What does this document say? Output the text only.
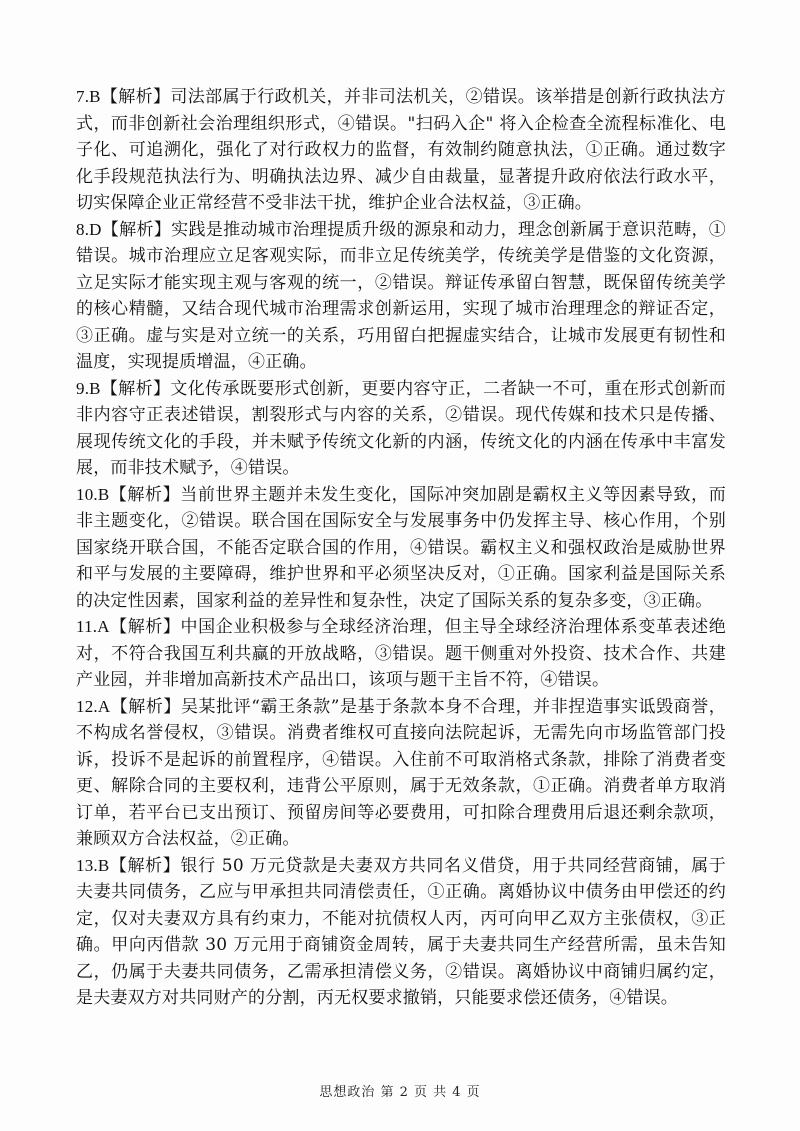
7.B【解析】司法部属于行政机关，并非司法机关，②错误。该举措是创新行政执法方式，而非创新社会治理组织形式，④错误。"扫码入企" 将入企检查全流程标准化、电子化、可追溯化，强化了对行政权力的监督，有效制约随意执法，①正确。通过数字化手段规范执法行为、明确执法边界、减少自由裁量，显著提升政府依法行政水平，切实保障企业正常经营不受非法干扰，维护企业合法权益，③正确。

8.D【解析】实践是推动城市治理提质升级的源泉和动力，理念创新属于意识范畴，①错误。城市治理应立足客观实际，而非立足传统美学，传统美学是借鉴的文化资源，立足实际才能实现主观与客观的统一，②错误。辩证传承留白智慧，既保留传统美学的核心精髓，又结合现代城市治理需求创新运用，实现了城市治理理念的辩证否定，③正确。虚与实是对立统一的关系，巧用留白把握虚实结合，让城市发展更有韧性和温度，实现提质增温，④正确。

9.B【解析】文化传承既要形式创新，更要内容守正，二者缺一不可，重在形式创新而非内容守正表述错误，割裂形式与内容的关系，②错误。现代传媒和技术只是传播、展现传统文化的手段，并未赋予传统文化新的内涵，传统文化的内涵在传承中丰富发展，而非技术赋予，④错误。

10.B【解析】当前世界主题并未发生变化，国际冲突加剧是霸权主义等因素导致，而非主题变化，②错误。联合国在国际安全与发展事务中仍发挥主导、核心作用，个别国家绕开联合国，不能否定联合国的作用，④错误。霸权主义和强权政治是威胁世界和平与发展的主要障碍，维护世界和平必须坚决反对，①正确。国家利益是国际关系的决定性因素，国家利益的差异性和复杂性，决定了国际关系的复杂多变，③正确。

11.A【解析】中国企业积极参与全球经济治理，但主导全球经济治理体系变革表述绝对，不符合我国互利共赢的开放战略，③错误。题干侧重对外投资、技术合作、共建产业园，并非增加高新技术产品出口，该项与题干主旨不符，④错误。

12.A【解析】吴某批评“霸王条款”是基于条款本身不合理，并非捏造事实诋毁商誉，不构成名誉侵权，③错误。消费者维权可直接向法院起诉，无需先向市场监管部门投诉，投诉不是起诉的前置程序，④错误。入住前不可取消格式条款，排除了消费者变更、解除合同的主要权利，违背公平原则，属于无效条款，①正确。消费者单方取消订单，若平台已支出预订、预留房间等必要费用，可扣除合理费用后退还剩余款项，兼顾双方合法权益，②正确。

13.B【解析】银行 50 万元贷款是夫妻双方共同名义借贷，用于共同经营商铺，属于夫妻共同债务，乙应与甲承担共同清偿责任，①正确。离婚协议中债务由甲偿还的约定，仅对夫妻双方具有约束力，不能对抗债权人丙，丙可向甲乙双方主张债权，③正确。甲向丙借款 30 万元用于商铺资金周转，属于夫妻共同生产经营所需，虽未告知乙，仍属于夫妻共同债务，乙需承担清偿义务，②错误。离婚协议中商铺归属约定，是夫妻双方对共同财产的分割，丙无权要求撤销，只能要求偿还债务，④错误。

思想政治 第 2 页 共 4 页
